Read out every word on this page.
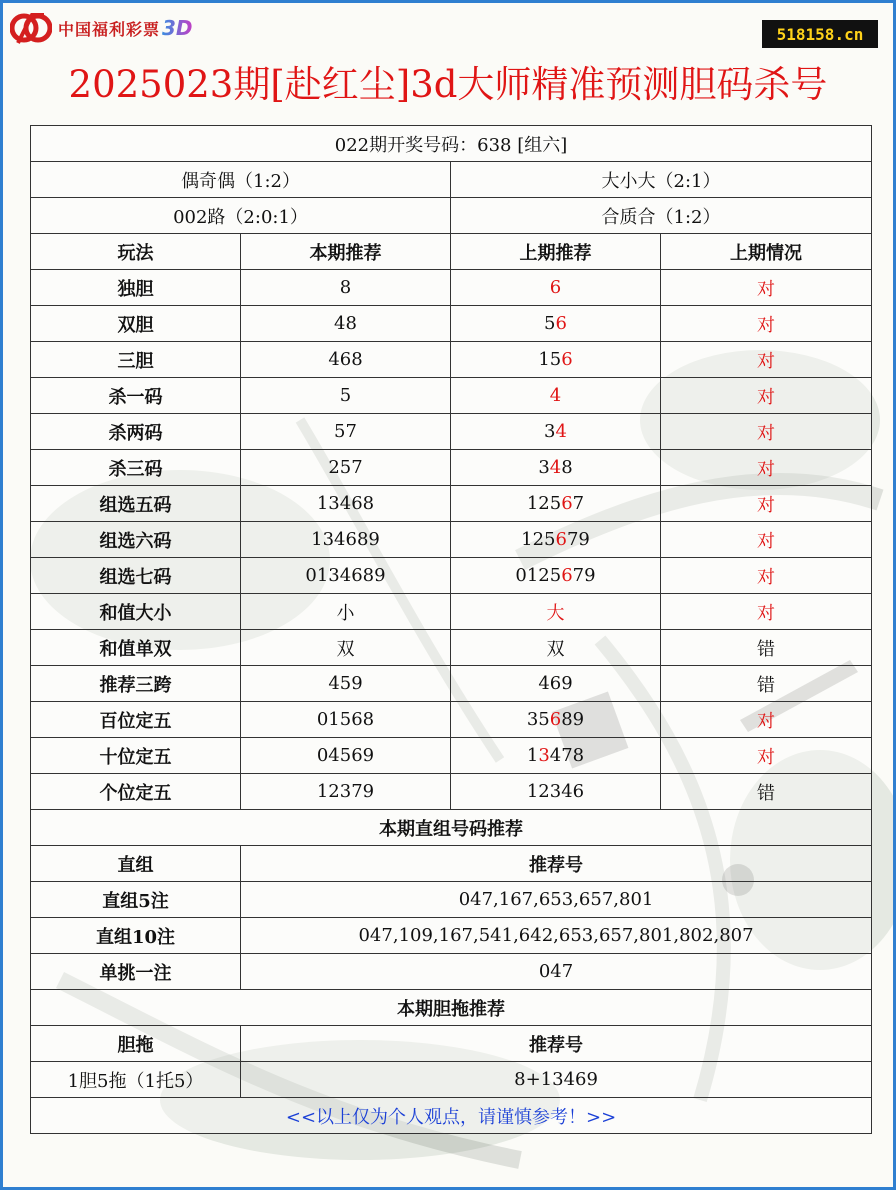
中国福利彩票 3D	518158.cn
2025023期[赴红尘]3d大师精准预测胆码杀号
022期开奖号码：638 [组六]			
偶奇偶（1:2）		大小大（2:1）	
002路（2:0:1）		合质合（1:2）	
玩法	本期推荐	上期推荐	上期情况
独胆	8	6	对
双胆	48	56	对
三胆	468	156	对
杀一码	5	4	对
杀两码	57	34	对
杀三码	257	348	对
组选五码	13468	12567	对
组选六码	134689	125679	对
组选七码	0134689	0125679	对
和值大小	小	大	对
和值单双	双	双	错
推荐三跨	459	469	错
百位定五	01568	35689	对
十位定五	04569	13478	对
个位定五	12379	12346	错
本期直组号码推荐			
直组	推荐号		
直组5注	047,167,653,657,801		
直组10注	047,109,167,541,642,653,657,801,802,807		
单挑一注	047		
本期胆拖推荐			
胆拖	推荐号		
1胆5拖（1托5）	8+13469		
<<以上仅为个人观点，请谨慎参考！>>			
